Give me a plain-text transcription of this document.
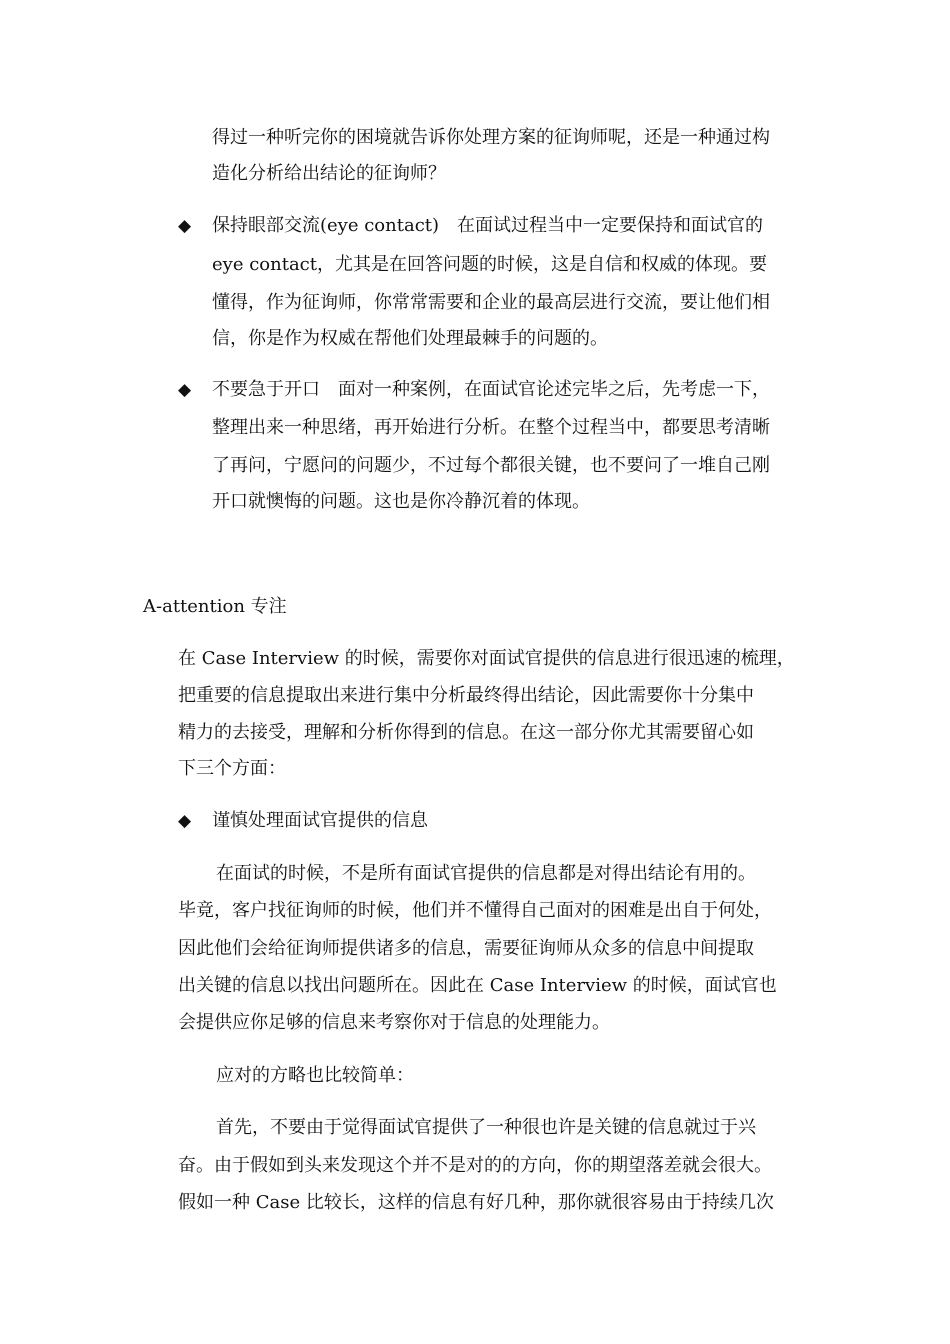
得过一种听完你的困境就告诉你处理方案的征询师呢，还是一种通过构
造化分析给出结论的征询师？
◆ 保持眼部交流(eye contact)　在面试过程当中一定要保持和面试官的
eye contact，尤其是在回答问题的时候，这是自信和权威的体现。要
懂得，作为征询师，你常常需要和企业的最高层进行交流，要让他们相
信，你是作为权威在帮他们处理最棘手的问题的。
◆ 不要急于开口　面对一种案例，在面试官论述完毕之后，先考虑一下，
整理出来一种思绪，再开始进行分析。在整个过程当中，都要思考清晰
了再问，宁愿问的问题少，不过每个都很关键，也不要问了一堆自己刚
开口就懊悔的问题。这也是你冷静沉着的体现。
A-attention 专注
在 Case Interview 的时候，需要你对面试官提供的信息进行很迅速的梳理，
把重要的信息提取出来进行集中分析最终得出结论，因此需要你十分集中
精力的去接受，理解和分析你得到的信息。在这一部分你尤其需要留心如
下三个方面：
◆ 谨慎处理面试官提供的信息
在面试的时候，不是所有面试官提供的信息都是对得出结论有用的。
毕竟，客户找征询师的时候，他们并不懂得自己面对的困难是出自于何处，
因此他们会给征询师提供诸多的信息，需要征询师从众多的信息中间提取
出关键的信息以找出问题所在。因此在 Case Interview 的时候，面试官也
会提供应你足够的信息来考察你对于信息的处理能力。
应对的方略也比较简单：
首先，不要由于觉得面试官提供了一种很也许是关键的信息就过于兴
奋。由于假如到头来发现这个并不是对的的方向，你的期望落差就会很大。
假如一种 Case 比较长，这样的信息有好几种，那你就很容易由于持续几次
